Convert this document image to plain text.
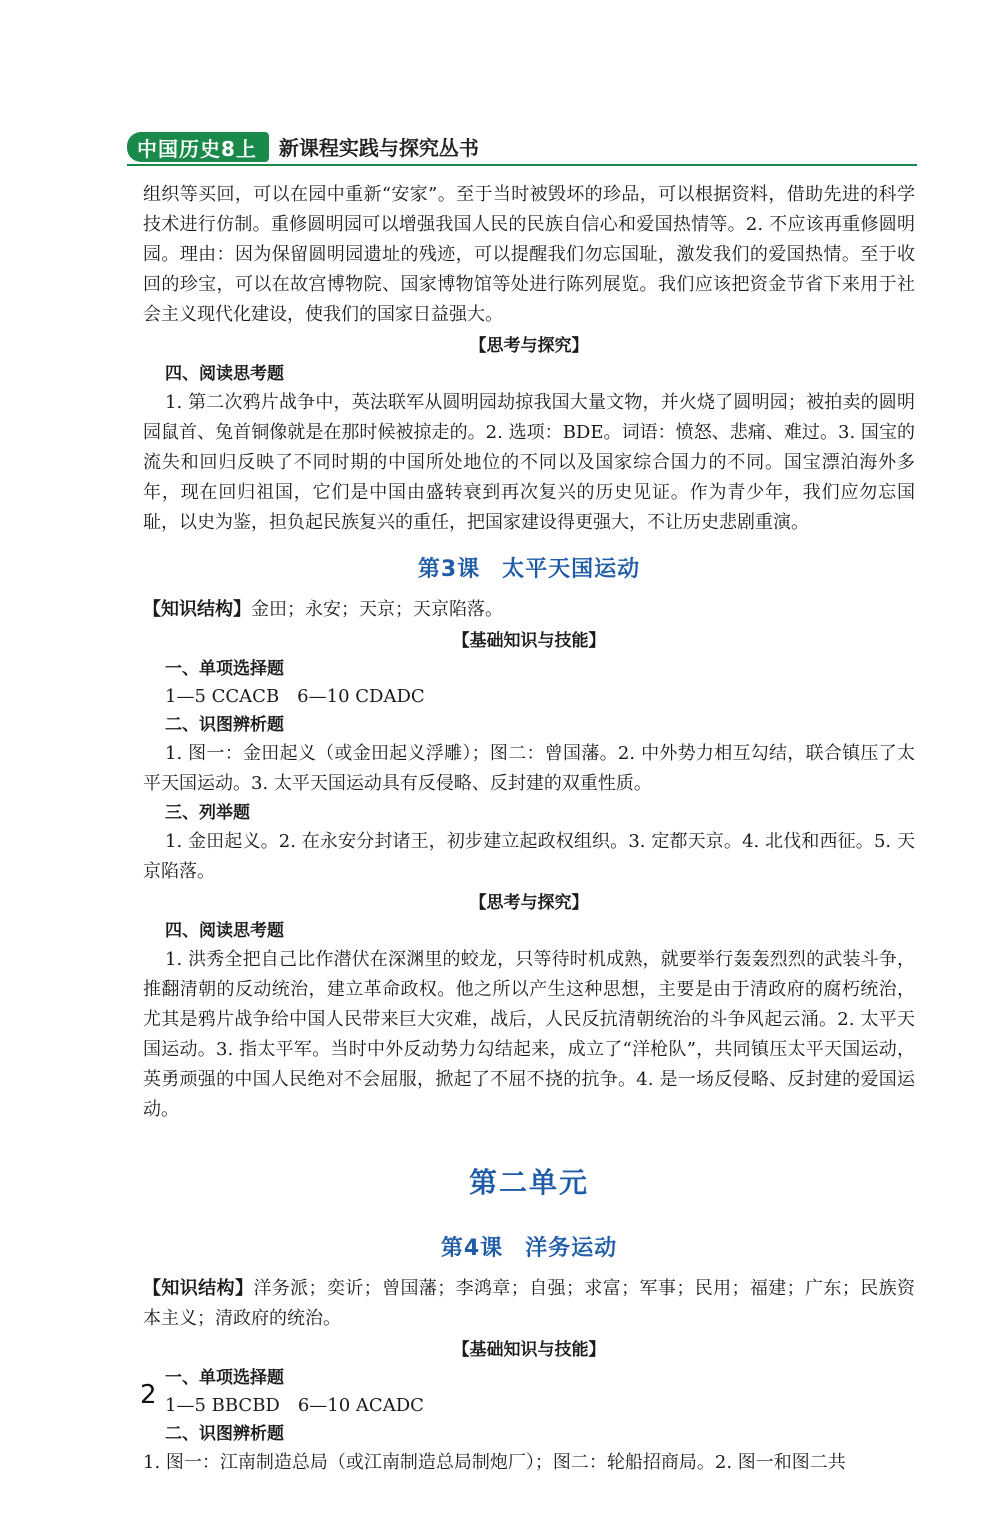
中国历史8上	新课程实践与探究丛书

组织等买回，可以在园中重新“安家”。至于当时被毁坏的珍品，可以根据资料，借助先进的科学技术进行仿制。重修圆明园可以增强我国人民的民族自信心和爱国热情等。2. 不应该再重修圆明园。理由：因为保留圆明园遗址的残迹，可以提醒我们勿忘国耻，激发我们的爱国热情。至于收回的珍宝，可以在故宫博物院、国家博物馆等处进行陈列展览。我们应该把资金节省下来用于社会主义现代化建设，使我们的国家日益强大。

【思考与探究】
四、阅读思考题

1. 第二次鸦片战争中，英法联军从圆明园劫掠我国大量文物，并火烧了圆明园；被拍卖的圆明园鼠首、兔首铜像就是在那时候被掠走的。2. 选项：BDE。词语：愤怒、悲痛、难过。3. 国宝的流失和回归反映了不同时期的中国所处地位的不同以及国家综合国力的不同。国宝漂泊海外多年，现在回归祖国，它们是中国由盛转衰到再次复兴的历史见证。作为青少年，我们应勿忘国耻，以史为鉴，担负起民族复兴的重任，把国家建设得更强大，不让历史悲剧重演。

第3课 太平天国运动

【知识结构】金田；永安；天京；天京陷落。

【基础知识与技能】
一、单项选择题
1—5 CCACB　6—10 CDADC
二、识图辨析题

1. 图一：金田起义（或金田起义浮雕）；图二：曾国藩。2. 中外势力相互勾结，联合镇压了太平天国运动。3. 太平天国运动具有反侵略、反封建的双重性质。

三、列举题

1. 金田起义。2. 在永安分封诸王，初步建立起政权组织。3. 定都天京。4. 北伐和西征。5. 天京陷落。

【思考与探究】
四、阅读思考题

1. 洪秀全把自己比作潜伏在深渊里的蛟龙，只等待时机成熟，就要举行轰轰烈烈的武装斗争，推翻清朝的反动统治，建立革命政权。他之所以产生这种思想，主要是由于清政府的腐朽统治，尤其是鸦片战争给中国人民带来巨大灾难，战后，人民反抗清朝统治的斗争风起云涌。2. 太平天国运动。3. 指太平军。当时中外反动势力勾结起来，成立了“洋枪队”，共同镇压太平天国运动，英勇顽强的中国人民绝对不会屈服，掀起了不屈不挠的抗争。4. 是一场反侵略、反封建的爱国运动。

第二单元
第4课 洋务运动

【知识结构】洋务派；奕䜣；曾国藩；李鸿章；自强；求富；军事；民用；福建；广东；民族资本主义；清政府的统治。

【基础知识与技能】
一、单项选择题
1—5 BBCBD　6—10 ACADC
二、识图辨析题

1. 图一：江南制造总局（或江南制造总局制炮厂）；图二：轮船招商局。2. 图一和图二共

2
